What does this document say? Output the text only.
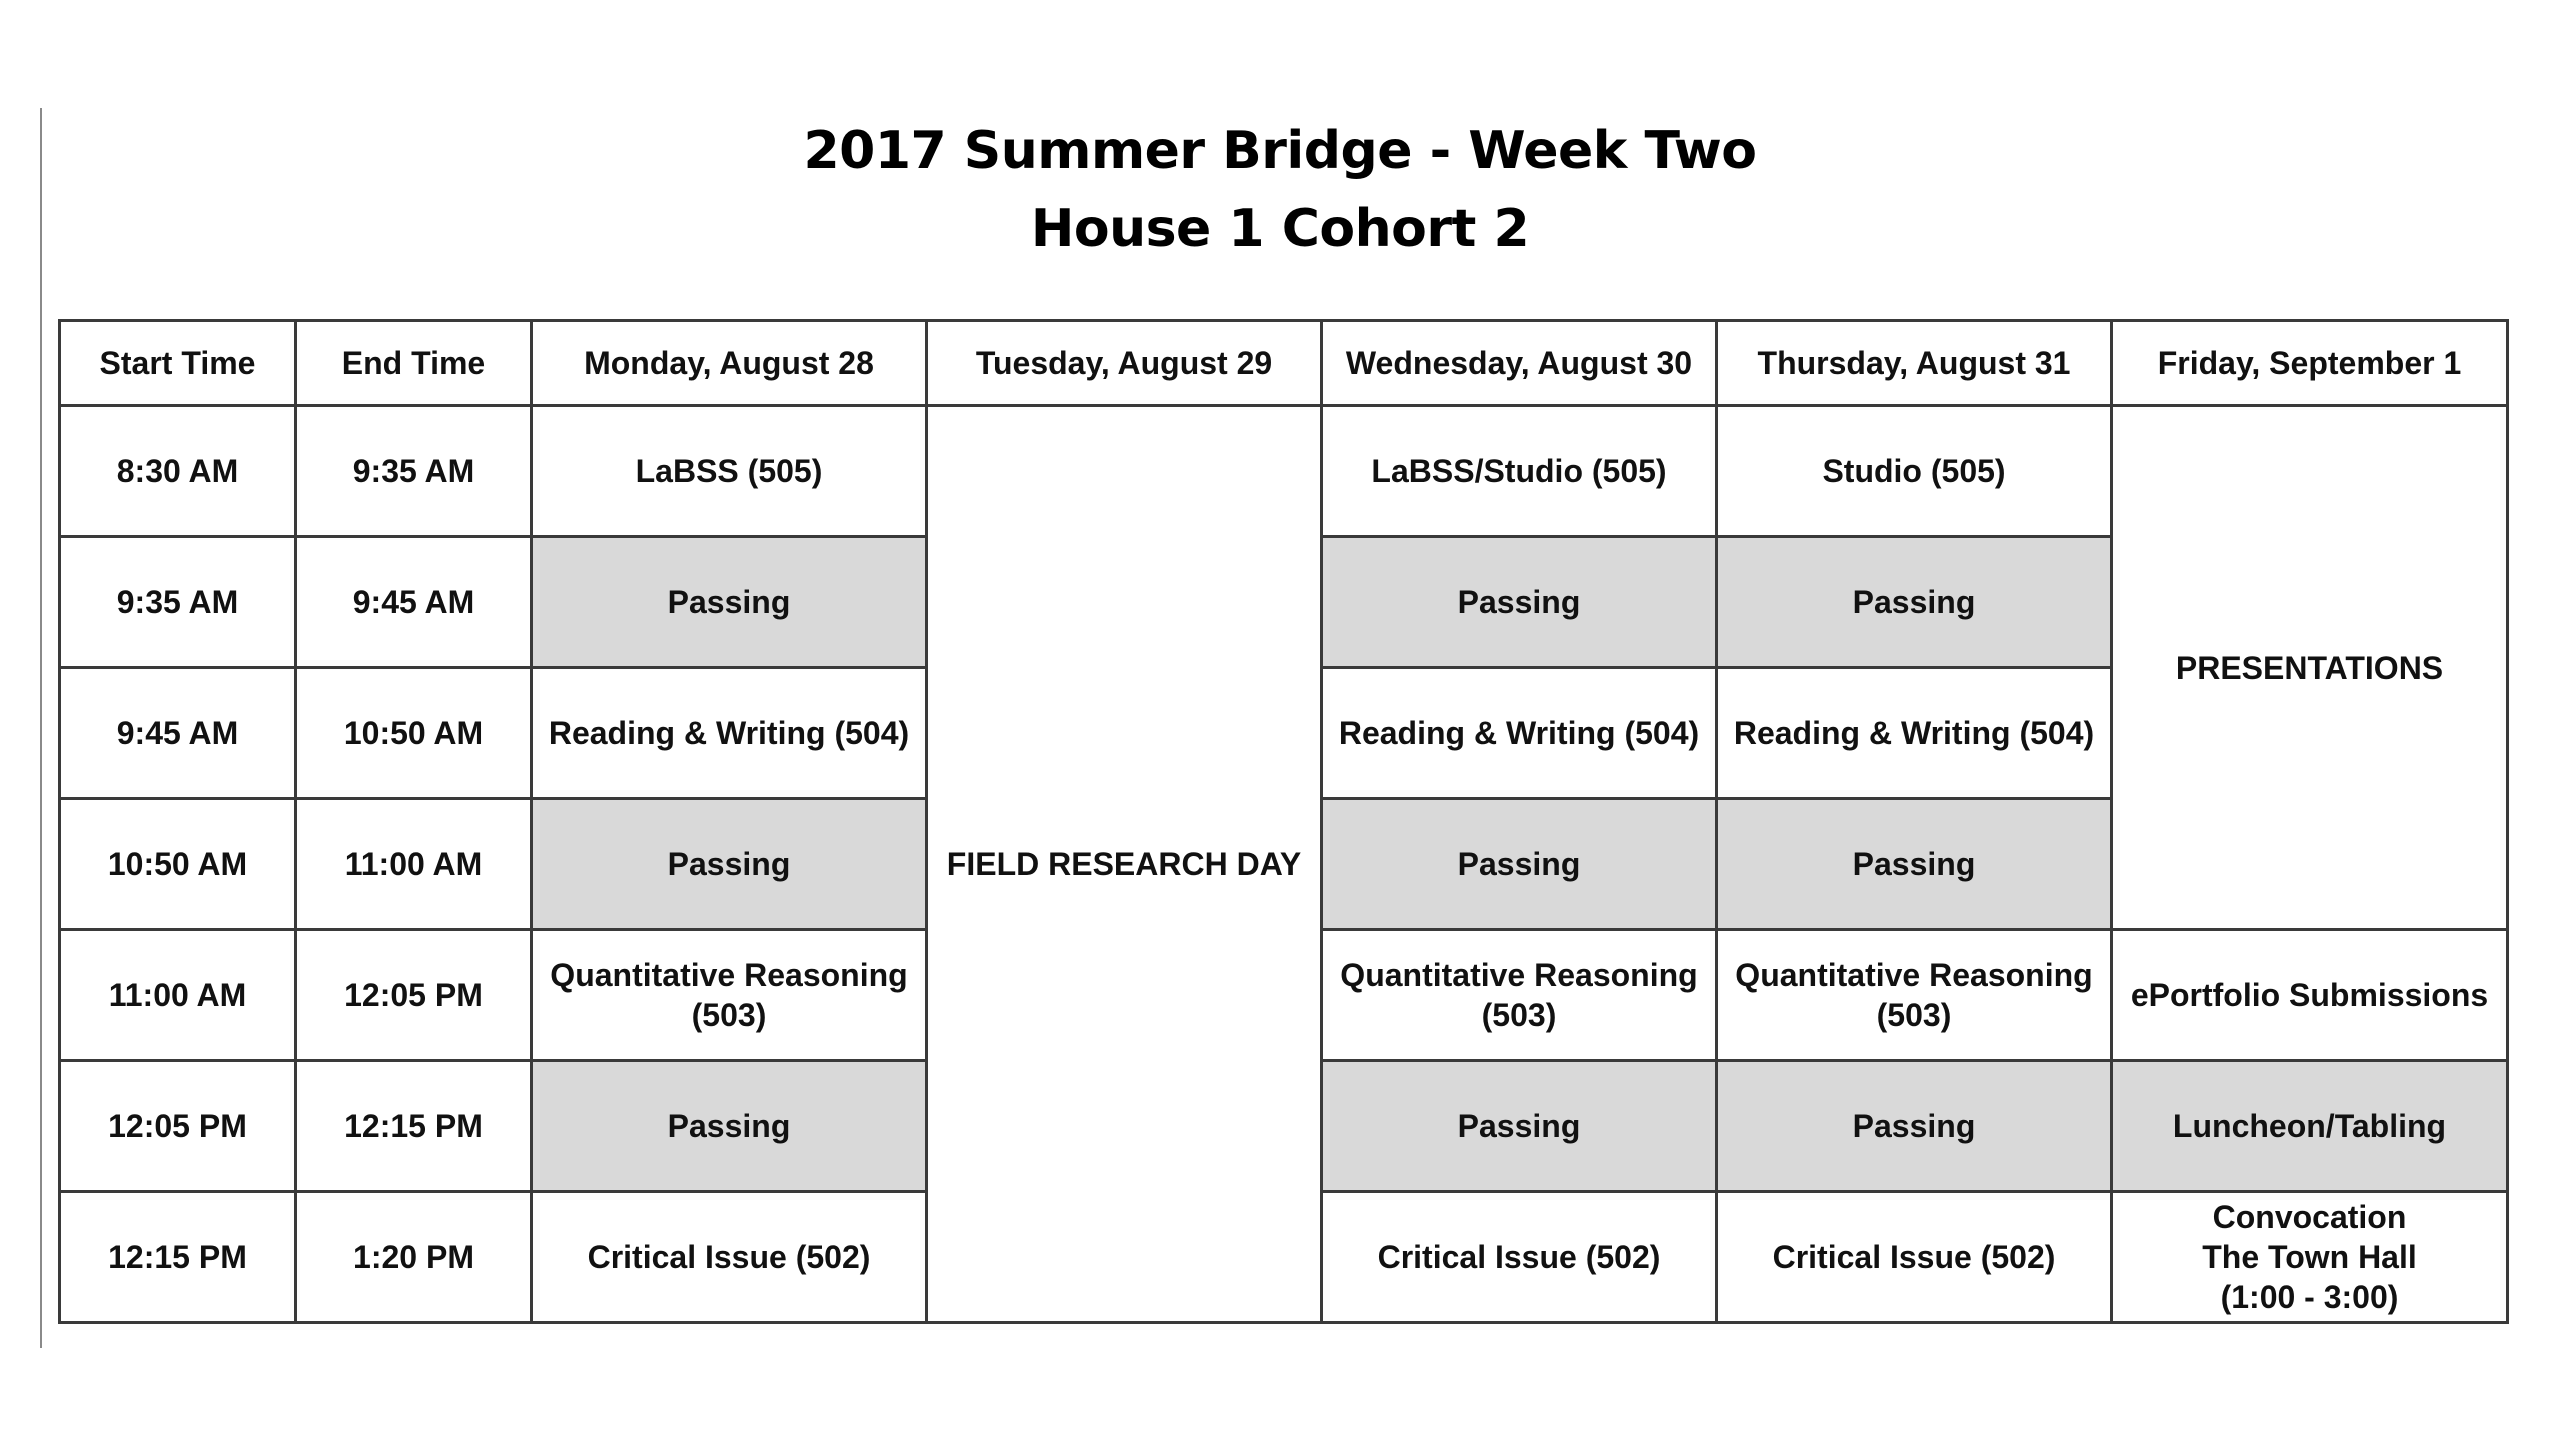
2017 Summer Bridge - Week Two
House 1 Cohort 2
Start Time	End Time	Monday, August 28	Tuesday, August 29	Wednesday, August 30	Thursday, August 31	Friday, September 1
8:30 AM	9:35 AM	LaBSS (505)	FIELD RESEARCH DAY	LaBSS/Studio (505)	Studio (505)	PRESENTATIONS
9:35 AM	9:45 AM	Passing		Passing	Passing	
9:45 AM	10:50 AM	Reading & Writing (504)		Reading & Writing (504)	Reading & Writing (504)	
10:50 AM	11:00 AM	Passing		Passing	Passing	
11:00 AM	12:05 PM	Quantitative Reasoning
(503)		Quantitative Reasoning
(503)	Quantitative Reasoning
(503)	ePortfolio Submissions
12:05 PM	12:15 PM	Passing		Passing	Passing	Luncheon/Tabling
12:15 PM	1:20 PM	Critical Issue (502)		Critical Issue (502)	Critical Issue (502)	Convocation
The Town Hall
(1:00 - 3:00)
